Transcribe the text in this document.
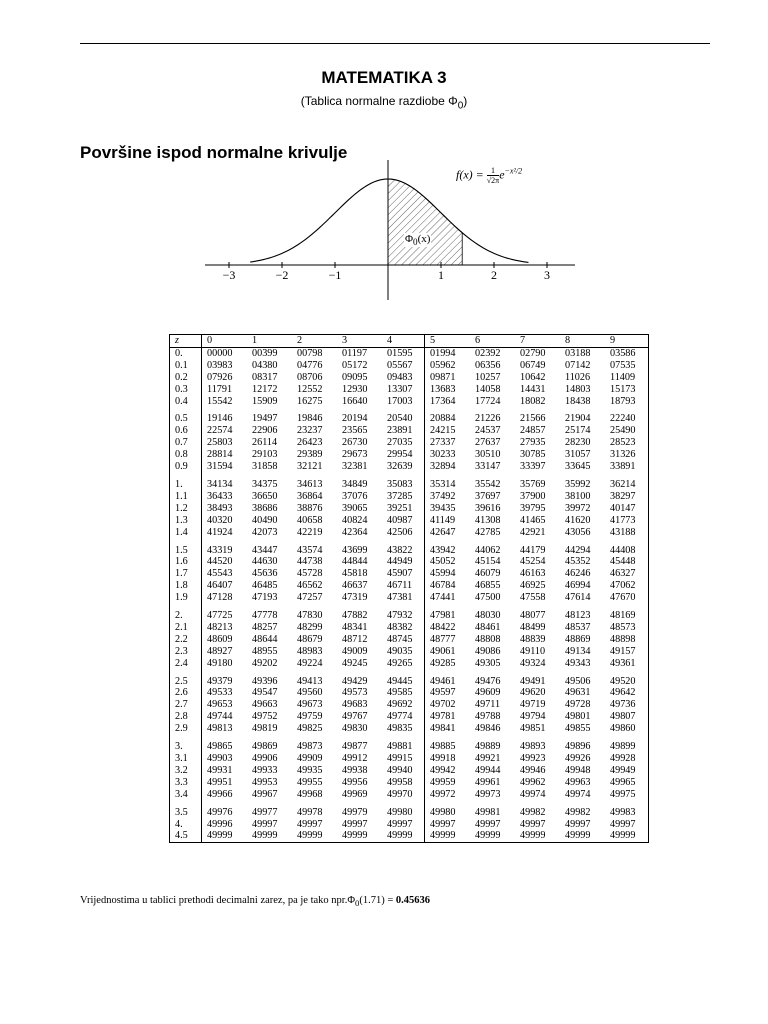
MATEMATIKA 3
(Tablica normalne razdiobe $\Phi_0$)
Površine ispod normalne krivulje
$f(x) = \frac{1}{√2\pi} e^{-x^2/2}$
$\Phi_0(x)$
−3	−2	−1	1	2	3
z	0	1	2	3	4	5	6	7	8	9
0.	00000	00399	00798	01197	01595	01994	02392	02790	03188	03586
0.1	03983	04380	04776	05172	05567	05962	06356	06749	07142	07535
0.2	07926	08317	08706	09095	09483	09871	10257	10642	11026	11409
0.3	11791	12172	12552	12930	13307	13683	14058	14431	14803	15173
0.4	15542	15909	16275	16640	17003	17364	17724	18082	18438	18793
0.5	19146	19497	19846	20194	20540	20884	21226	21566	21904	22240
0.6	22574	22906	23237	23565	23891	24215	24537	24857	25174	25490
0.7	25803	26114	26423	26730	27035	27337	27637	27935	28230	28523
0.8	28814	29103	29389	29673	29954	30233	30510	30785	31057	31326
0.9	31594	31858	32121	32381	32639	32894	33147	33397	33645	33891
1.	34134	34375	34613	34849	35083	35314	35542	35769	35992	36214
1.1	36433	36650	36864	37076	37285	37492	37697	37900	38100	38297
1.2	38493	38686	38876	39065	39251	39435	39616	39795	39972	40147
1.3	40320	40490	40658	40824	40987	41149	41308	41465	41620	41773
1.4	41924	42073	42219	42364	42506	42647	42785	42921	43056	43188
1.5	43319	43447	43574	43699	43822	43942	44062	44179	44294	44408
1.6	44520	44630	44738	44844	44949	45052	45154	45254	45352	45448
1.7	45543	45636	45728	45818	45907	45994	46079	46163	46246	46327
1.8	46407	46485	46562	46637	46711	46784	46855	46925	46994	47062
1.9	47128	47193	47257	47319	47381	47441	47500	47558	47614	47670
2.	47725	47778	47830	47882	47932	47981	48030	48077	48123	48169
2.1	48213	48257	48299	48341	48382	48422	48461	48499	48537	48573
2.2	48609	48644	48679	48712	48745	48777	48808	48839	48869	48898
2.3	48927	48955	48983	49009	49035	49061	49086	49110	49134	49157
2.4	49180	49202	49224	49245	49265	49285	49305	49324	49343	49361
2.5	49379	49396	49413	49429	49445	49461	49476	49491	49506	49520
2.6	49533	49547	49560	49573	49585	49597	49609	49620	49631	49642
2.7	49653	49663	49673	49683	49692	49702	49711	49719	49728	49736
2.8	49744	49752	49759	49767	49774	49781	49788	49794	49801	49807
2.9	49813	49819	49825	49830	49835	49841	49846	49851	49855	49860
3.	49865	49869	49873	49877	49881	49885	49889	49893	49896	49899
3.1	49903	49906	49909	49912	49915	49918	49921	49923	49926	49928
3.2	49931	49933	49935	49938	49940	49942	49944	49946	49948	49949
3.3	49951	49953	49955	49956	49958	49959	49961	49962	49963	49965
3.4	49966	49967	49968	49969	49970	49972	49973	49974	49974	49975
3.5	49976	49977	49978	49979	49980	49980	49981	49982	49982	49983
4.	49996	49997	49997	49997	49997	49997	49997	49997	49997	49997
4.5	49999	49999	49999	49999	49999	49999	49999	49999	49999	49999
Vrijednostima u tablici prethodi decimalni zarez, pa je tako $npr.\Phi_0(1.71) = 0.45636$
